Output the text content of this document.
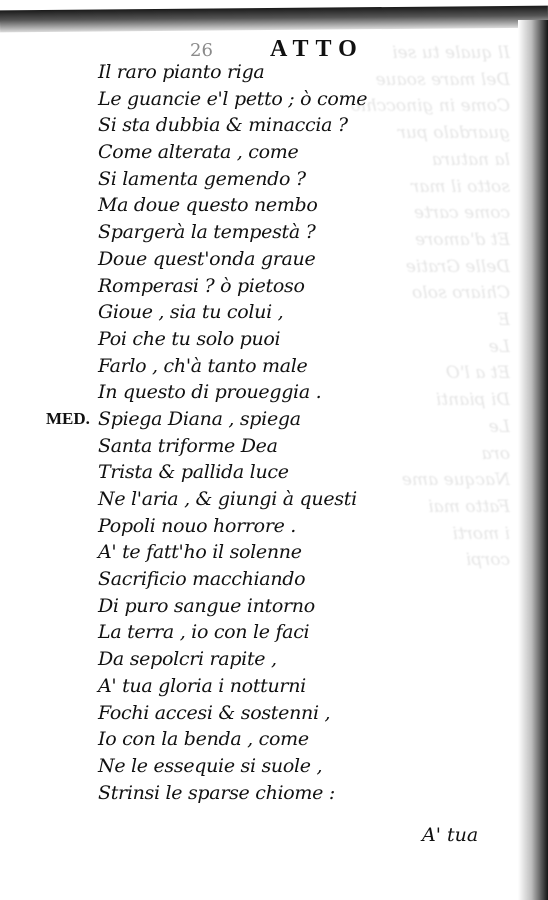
Il quale tu sei
Del mare soaue
Come in ginocchio
guardalo pur
la natura
sotto il mar
come carte
Et d'amore
Delle Gratie
Chiaro solo
E
Le
Et a l'O
Di pianti
Le
ora
Nacque ame
Fatto mai
i morti
corpi
26 ATTO
Il raro pianto riga
Le guancie e'l petto ; ò come
Si sta dubbia & minaccia ?
Come alterata , come
Si lamenta gemendo ?
Ma doue questo nembo
Spargerà la tempestà ?
Doue quest'onda graue
Romperasi ? ò pietoso
Gioue , sia tu colui ,
Poi che tu solo puoi
Farlo , ch'à tanto male
In questo di proueggia .
MED. Spiega Diana , spiega
Santa triforme Dea
Trista & pallida luce
Ne l'aria , & giungi à questi
Popoli nouo horrore .
A' te fatt'ho il solenne
Sacrificio macchiando
Di puro sangue intorno
La terra , io con le faci
Da sepolcri rapite ,
A' tua gloria i notturni
Fochi accesi & sostenni ,
Io con la benda , come
Ne le essequie si suole ,
Strinsi le sparse chiome :
A' tua
